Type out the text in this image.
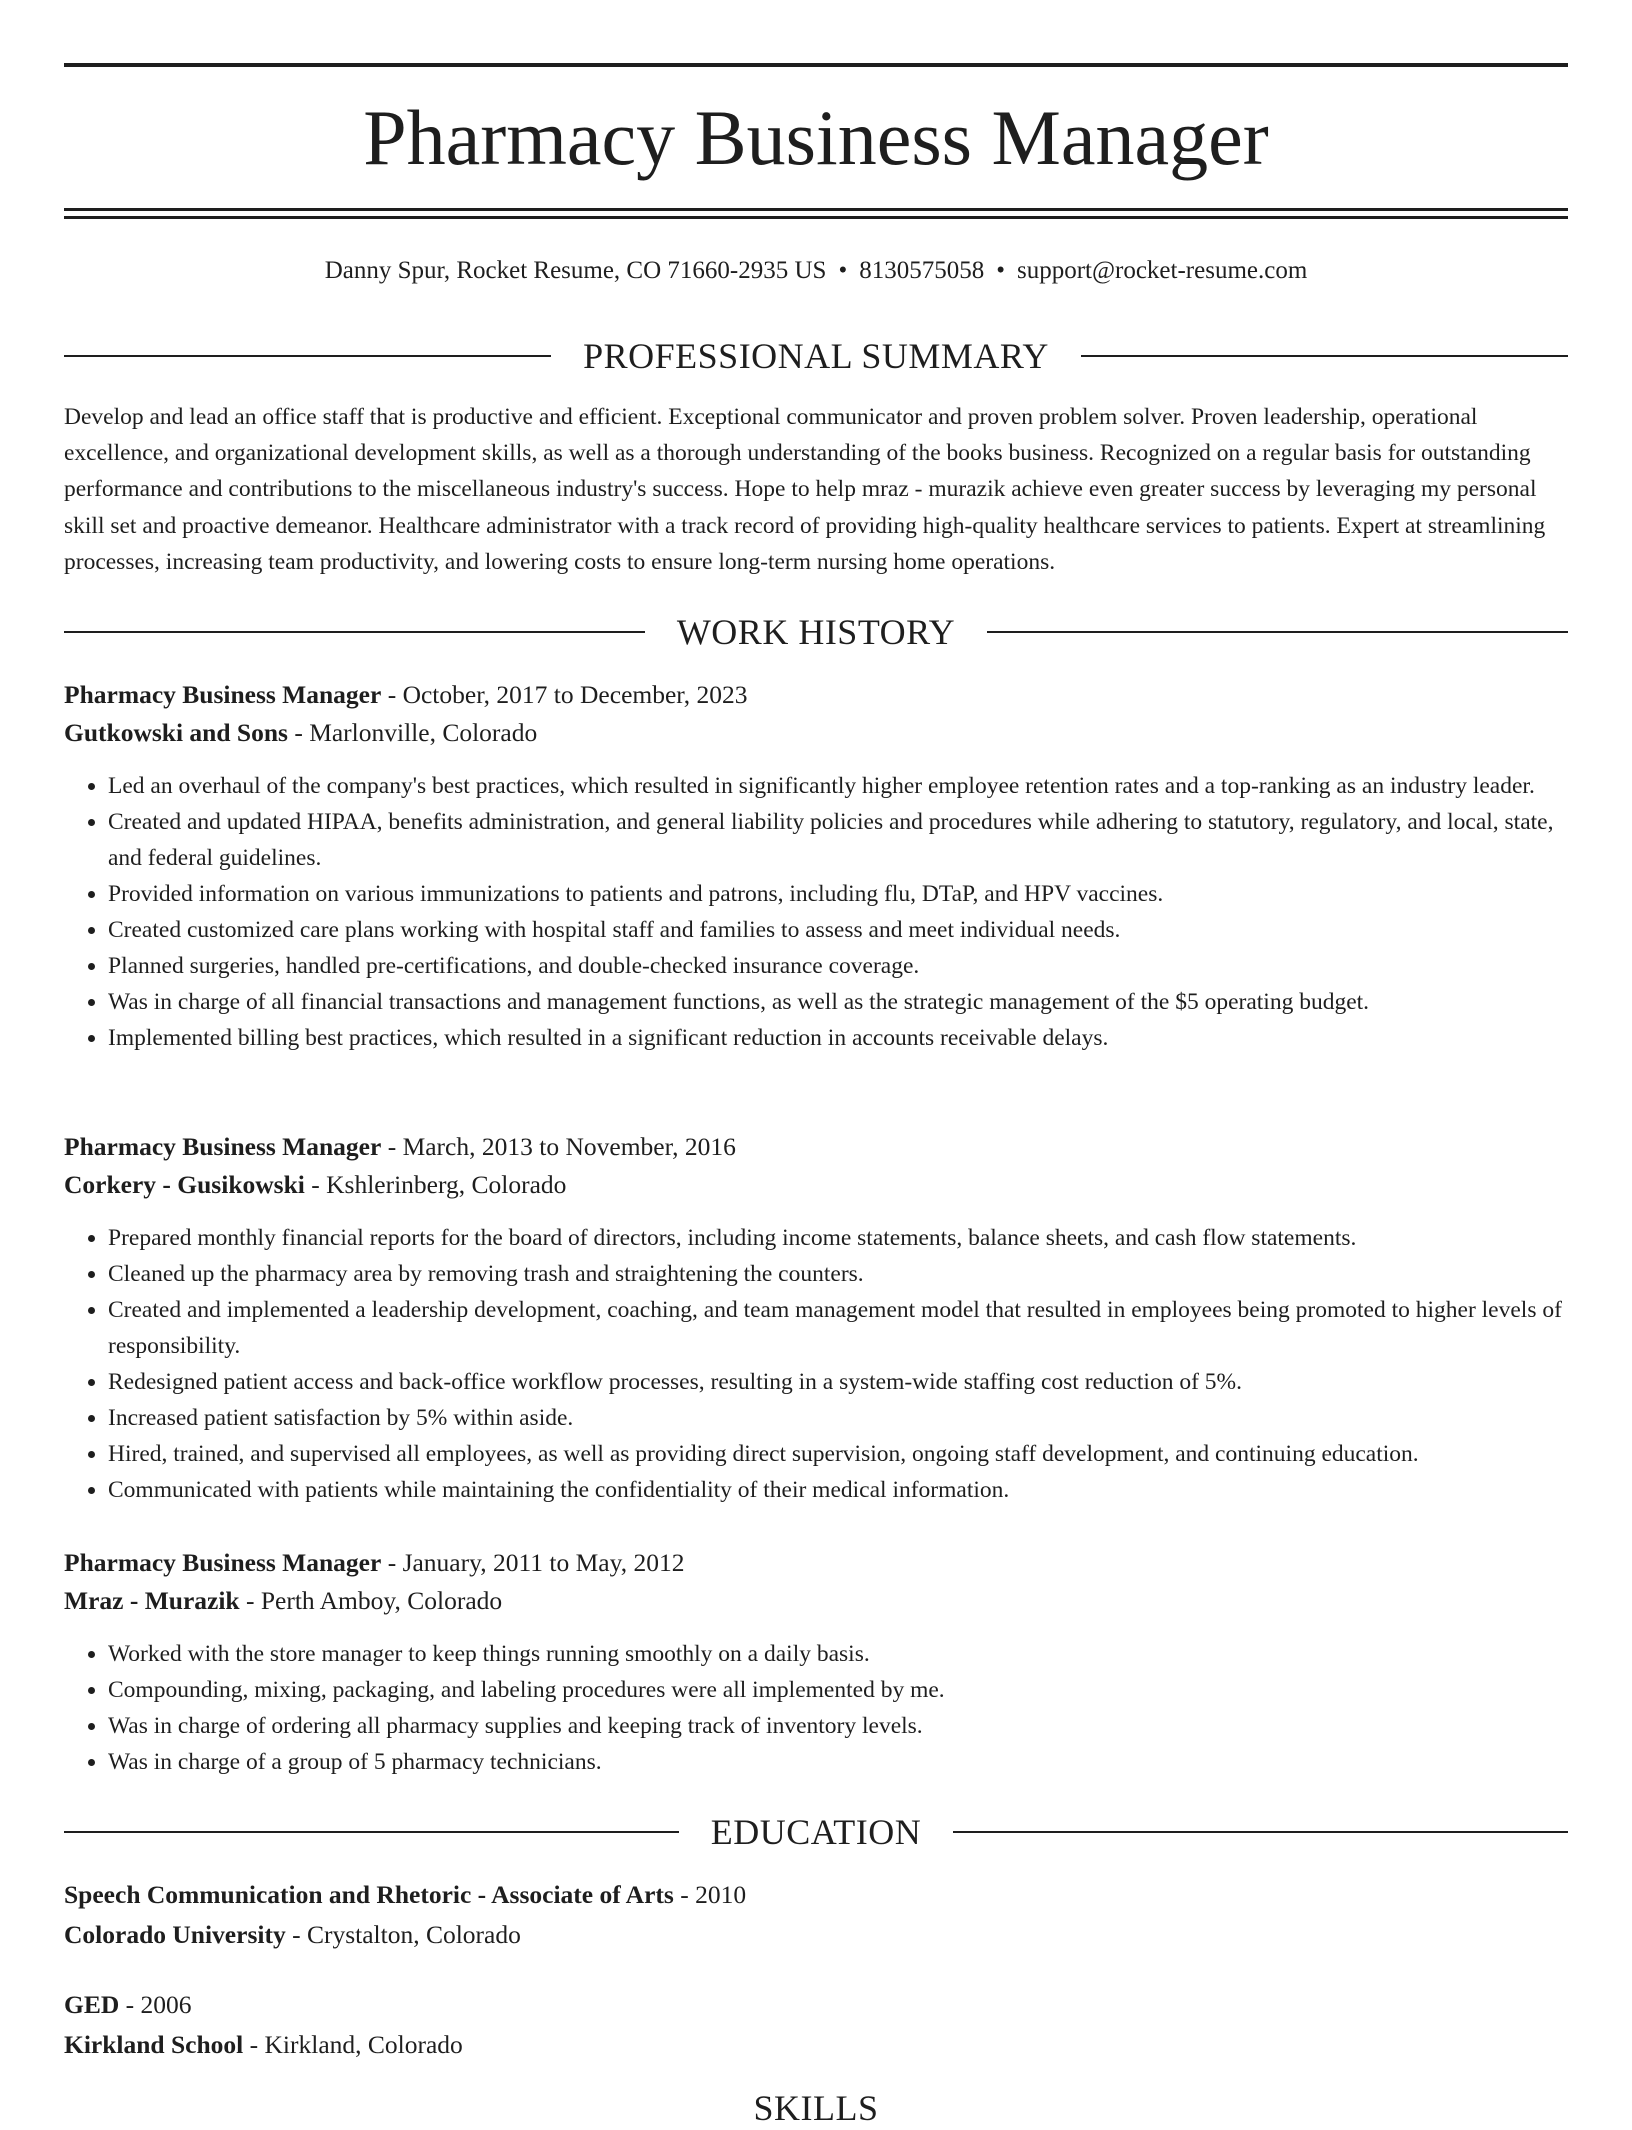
Pharmacy Business Manager
Danny Spur, Rocket Resume, CO 71660-2935 US • 8130575058 • support@rocket-resume.com
PROFESSIONAL SUMMARY

Develop and lead an office staff that is productive and efficient. Exceptional communicator and proven problem solver. Proven leadership, operational excellence, and organizational development skills, as well as a thorough understanding of the books business. Recognized on a regular basis for outstanding performance and contributions to the miscellaneous industry's success. Hope to help mraz - murazik achieve even greater success by leveraging my personal skill set and proactive demeanor. Healthcare administrator with a track record of providing high-quality healthcare services to patients. Expert at streamlining processes, increasing team productivity, and lowering costs to ensure long-term nursing home operations.

WORK HISTORY
Pharmacy Business Manager - October, 2017 to December, 2023
Gutkowski and Sons - Marlonville, Colorado
• Led an overhaul of the company's best practices, which resulted in significantly higher employee retention rates and a top-ranking as an industry leader.
• Created and updated HIPAA, benefits administration, and general liability policies and procedures while adhering to statutory, regulatory, and local, state, and federal guidelines.
• Provided information on various immunizations to patients and patrons, including flu, DTaP, and HPV vaccines.
• Created customized care plans working with hospital staff and families to assess and meet individual needs.
• Planned surgeries, handled pre-certifications, and double-checked insurance coverage.
• Was in charge of all financial transactions and management functions, as well as the strategic management of the $5 operating budget.
• Implemented billing best practices, which resulted in a significant reduction in accounts receivable delays.
Pharmacy Business Manager - March, 2013 to November, 2016
Corkery - Gusikowski - Kshlerinberg, Colorado
• Prepared monthly financial reports for the board of directors, including income statements, balance sheets, and cash flow statements.
• Cleaned up the pharmacy area by removing trash and straightening the counters.
• Created and implemented a leadership development, coaching, and team management model that resulted in employees being promoted to higher levels of responsibility.
• Redesigned patient access and back-office workflow processes, resulting in a system-wide staffing cost reduction of 5%.
• Increased patient satisfaction by 5% within aside.
• Hired, trained, and supervised all employees, as well as providing direct supervision, ongoing staff development, and continuing education.
• Communicated with patients while maintaining the confidentiality of their medical information.
Pharmacy Business Manager - January, 2011 to May, 2012
Mraz - Murazik - Perth Amboy, Colorado
• Worked with the store manager to keep things running smoothly on a daily basis.
• Compounding, mixing, packaging, and labeling procedures were all implemented by me.
• Was in charge of ordering all pharmacy supplies and keeping track of inventory levels.
• Was in charge of a group of 5 pharmacy technicians.
EDUCATION
Speech Communication and Rhetoric - Associate of Arts - 2010
Colorado University - Crystalton, Colorado
GED - 2006
Kirkland School - Kirkland, Colorado
SKILLS
